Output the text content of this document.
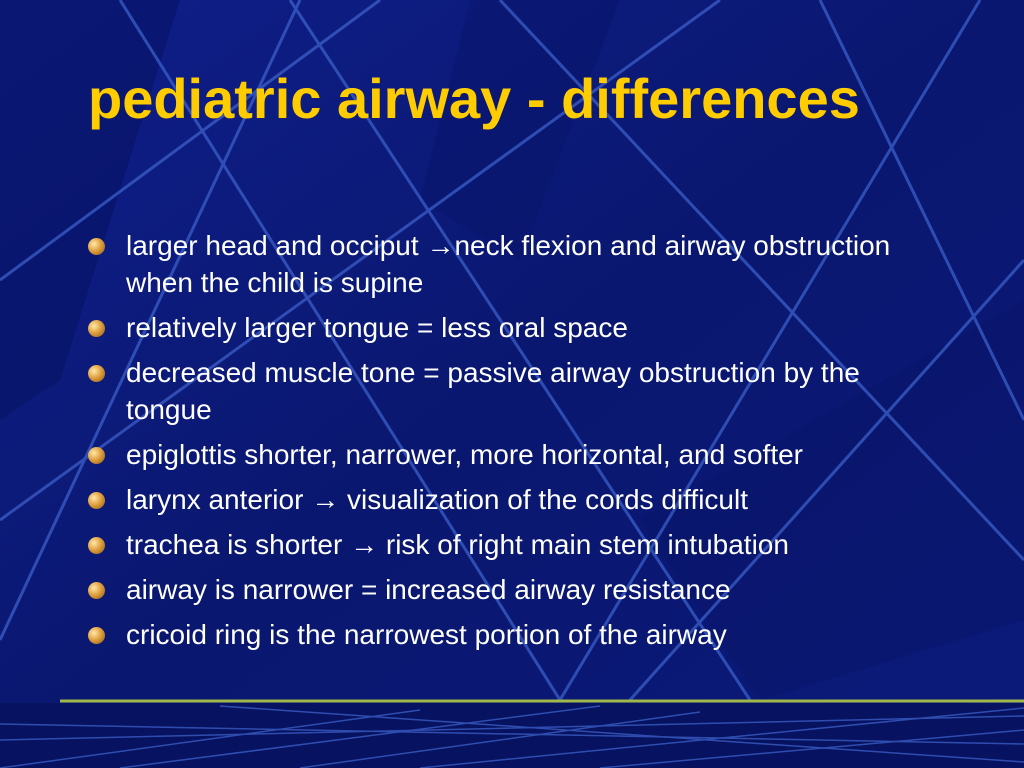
pediatric airway - differences
larger head and occiput →neck flexion and airway obstruction when the child is supine
relatively larger tongue = less oral space
decreased muscle tone = passive airway obstruction by the tongue
epiglottis shorter, narrower, more horizontal, and softer
larynx anterior → visualization of the cords difficult
trachea is shorter → risk of right main stem intubation
airway is narrower = increased airway resistance
cricoid ring is the narrowest portion of the airway
